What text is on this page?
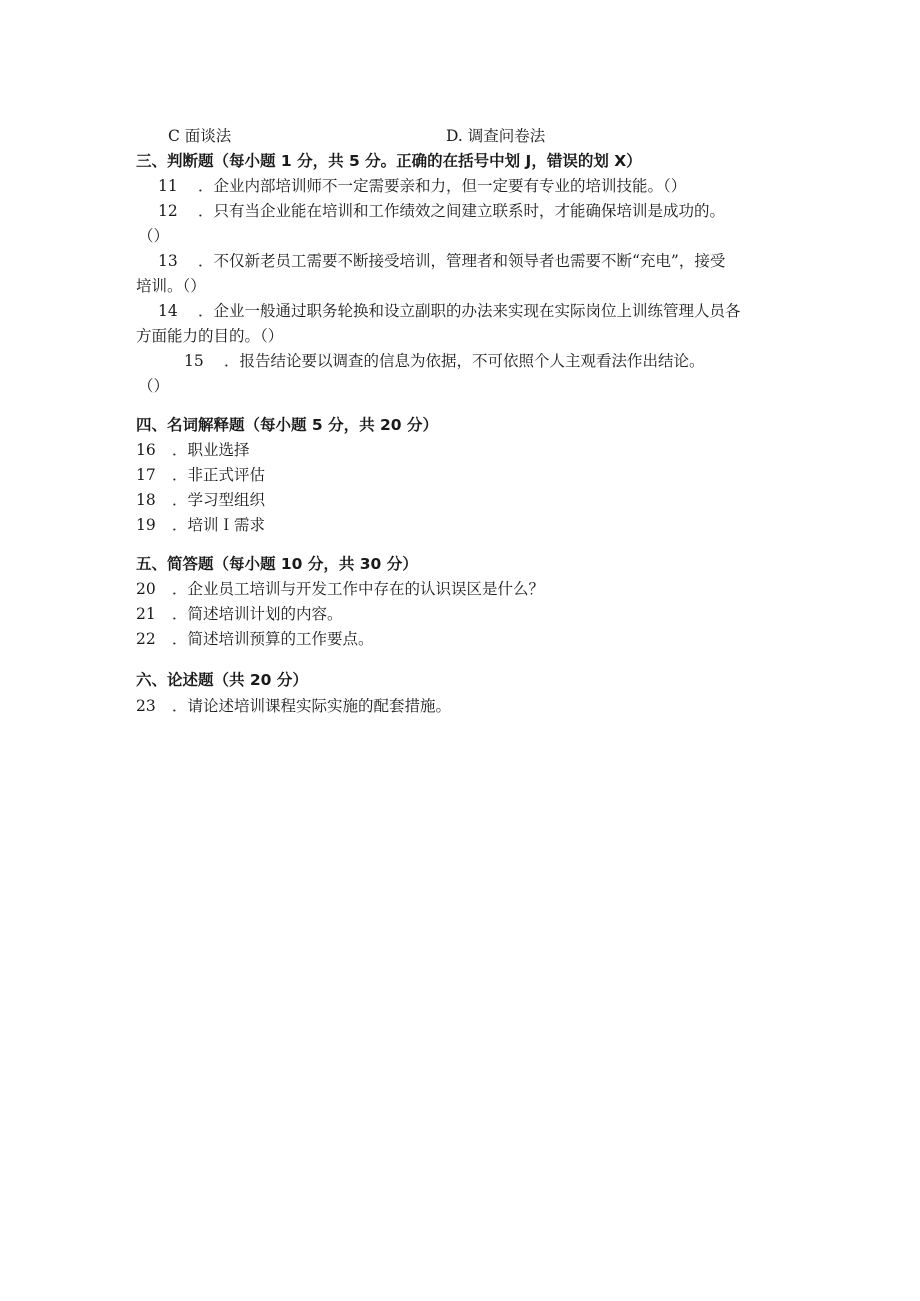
C 面谈法	D. 调查问卷法
三、判断题（每小题 1 分，共 5 分。正确的在括号中划 J，错误的划 X）
11 ．企业内部培训师不一定需要亲和力，但一定要有专业的培训技能。（）
12 ．只有当企业能在培训和工作绩效之间建立联系时，才能确保培训是成功的。
（）
13 ．不仅新老员工需要不断接受培训，管理者和领导者也需要不断“充电”，接受
培训。（）
14 ．企业一般通过职务轮换和设立副职的办法来实现在实际岗位上训练管理人员各
方面能力的目的。（）
15 ．报告结论要以调查的信息为依据，不可依照个人主观看法作出结论。
（）
四、名词解释题（每小题 5 分，共 20 分）
16 ．职业选择
17 ．非正式评估
18 ．学习型组织
19 ．培训Ｉ需求
五、简答题（每小题 10 分，共 30 分）
20 ．企业员工培训与开发工作中存在的认识误区是什么？
21 ．简述培训计划的内容。
22 ．简述培训预算的工作要点。
六、论述题（共 20 分）
23 ．请论述培训课程实际实施的配套措施。
